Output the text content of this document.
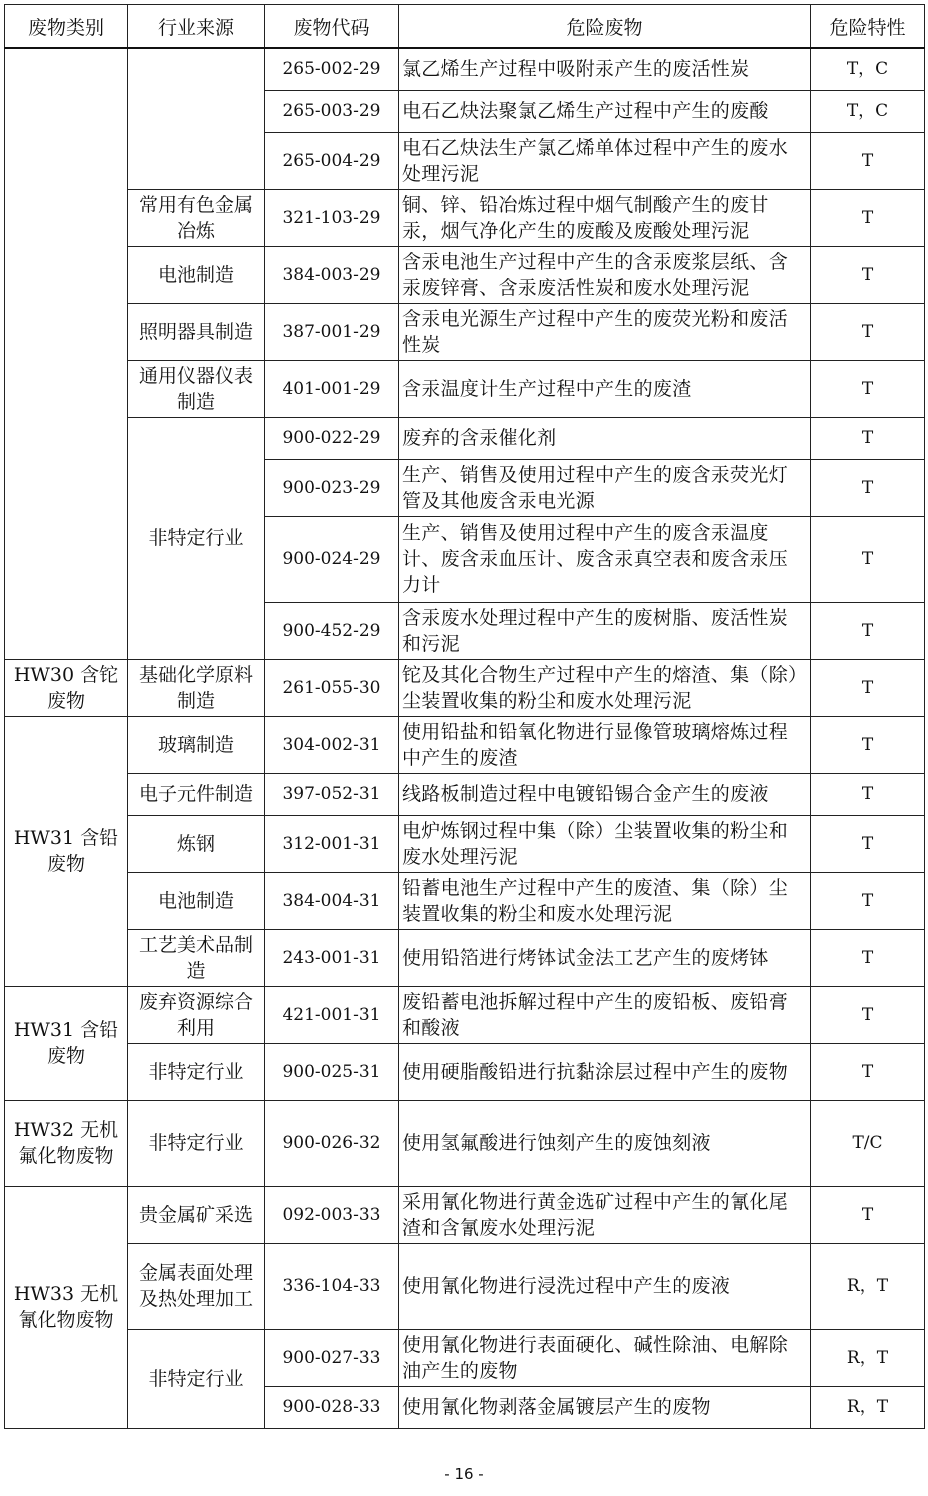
废物类别	行业来源	废物代码	危险废物	危险特性
		265-002-29	氯乙烯生产过程中吸附汞产生的废活性炭	T，C
		265-003-29	电石乙炔法聚氯乙烯生产过程中产生的废酸	T，C
		265-004-29	电石乙炔法生产氯乙烯单体过程中产生的废水处理污泥	T
	常用有色金属冶炼	321-103-29	铜、锌、铅冶炼过程中烟气制酸产生的废甘汞，烟气净化产生的废酸及废酸处理污泥	T
	电池制造	384-003-29	含汞电池生产过程中产生的含汞废浆层纸、含汞废锌膏、含汞废活性炭和废水处理污泥	T
	照明器具制造	387-001-29	含汞电光源生产过程中产生的废荧光粉和废活性炭	T
	通用仪器仪表制造	401-001-29	含汞温度计生产过程中产生的废渣	T
	非特定行业	900-022-29	废弃的含汞催化剂	T
		900-023-29	生产、销售及使用过程中产生的废含汞荧光灯管及其他废含汞电光源	T
		900-024-29	生产、销售及使用过程中产生的废含汞温度计、废含汞血压计、废含汞真空表和废含汞压力计	T
		900-452-29	含汞废水处理过程中产生的废树脂、废活性炭和污泥	T
HW30 含铊废物	基础化学原料制造	261-055-30	铊及其化合物生产过程中产生的熔渣、集（除）尘装置收集的粉尘和废水处理污泥	T
HW31 含铅废物	玻璃制造	304-002-31	使用铅盐和铅氧化物进行显像管玻璃熔炼过程中产生的废渣	T
	电子元件制造	397-052-31	线路板制造过程中电镀铅锡合金产生的废液	T
	炼钢	312-001-31	电炉炼钢过程中集（除）尘装置收集的粉尘和废水处理污泥	T
	电池制造	384-004-31	铅蓄电池生产过程中产生的废渣、集（除）尘装置收集的粉尘和废水处理污泥	T
	工艺美术品制造	243-001-31	使用铅箔进行烤钵试金法工艺产生的废烤钵	T
HW31 含铅废物	废弃资源综合利用	421-001-31	废铅蓄电池拆解过程中产生的废铅板、废铅膏和酸液	T
	非特定行业	900-025-31	使用硬脂酸铅进行抗黏涂层过程中产生的废物	T
HW32 无机氟化物废物	非特定行业	900-026-32	使用氢氟酸进行蚀刻产生的废蚀刻液	T/C
HW33 无机氰化物废物	贵金属矿采选	092-003-33	采用氰化物进行黄金选矿过程中产生的氰化尾渣和含氰废水处理污泥	T
	金属表面处理及热处理加工	336-104-33	使用氰化物进行浸洗过程中产生的废液	R，T
	非特定行业	900-027-33	使用氰化物进行表面硬化、碱性除油、电解除油产生的废物	R，T
		900-028-33	使用氰化物剥落金属镀层产生的废物	R，T
- 16 -
